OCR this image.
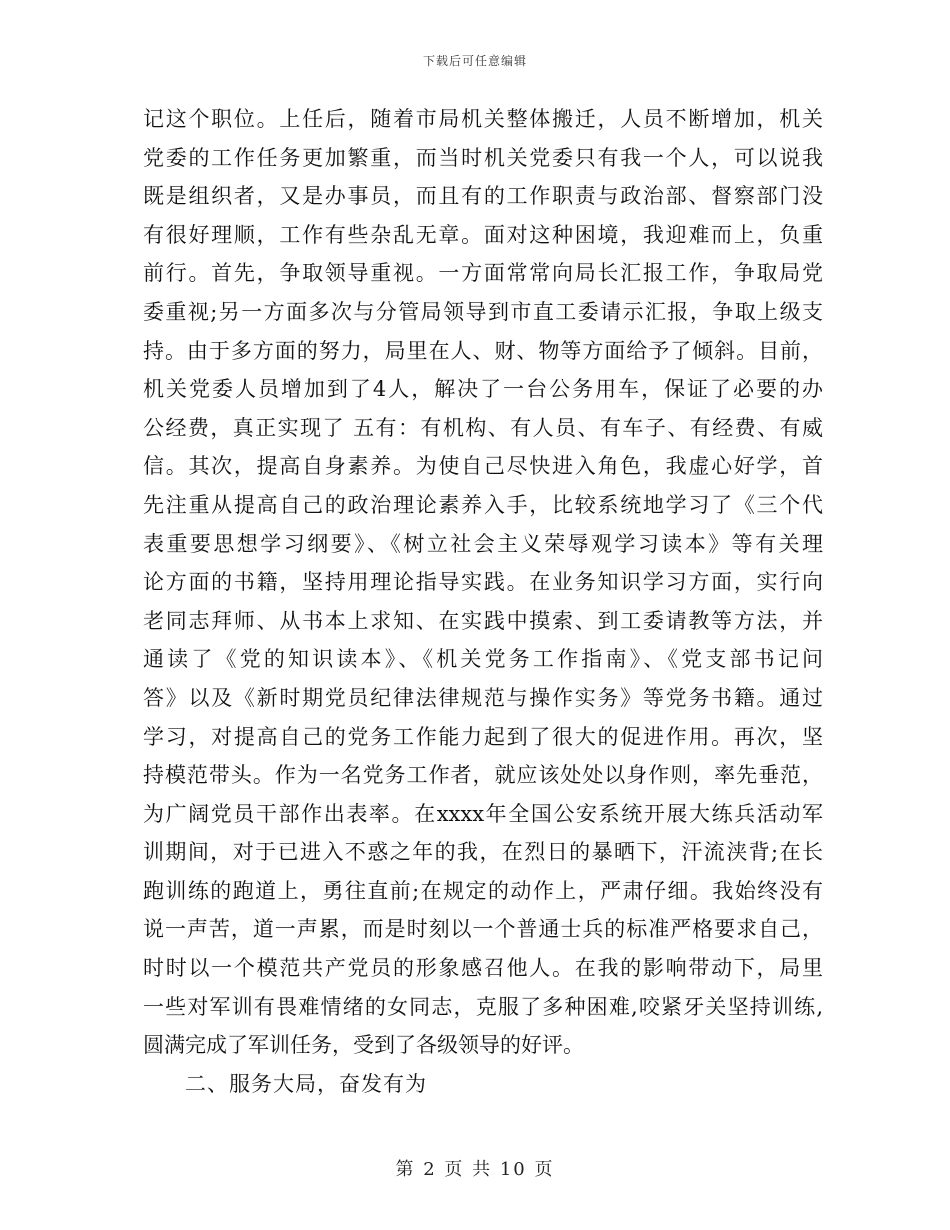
下载后可任意编辑
记这个职位。上任后，随着市局机关整体搬迁，人员不断增加，机关
党委的工作任务更加繁重，而当时机关党委只有我一个人，可以说我
既是组织者，又是办事员，而且有的工作职责与政治部、督察部门没
有很好理顺，工作有些杂乱无章。面对这种困境，我迎难而上，负重
前行。首先，争取领导重视。一方面常常向局长汇报工作，争取局党
委重视;另一方面多次与分管局领导到市直工委请示汇报，争取上级支
持。由于多方面的努力，局里在人、财、物等方面给予了倾斜。目前，
机关党委人员增加到了4人，解决了一台公务用车，保证了必要的办
公经费，真正实现了 五有：有机构、有人员、有车子、有经费、有威
信。其次，提高自身素养。为使自己尽快进入角色，我虚心好学，首
先注重从提高自己的政治理论素养入手，比较系统地学习了《三个代
表重要思想学习纲要》、《树立社会主义荣辱观学习读本》等有关理
论方面的书籍，坚持用理论指导实践。在业务知识学习方面，实行向
老同志拜师、从书本上求知、在实践中摸索、到工委请教等方法，并
通读了《党的知识读本》、《机关党务工作指南》、《党支部书记问
答》以及《新时期党员纪律法律规范与操作实务》等党务书籍。通过
学习，对提高自己的党务工作能力起到了很大的促进作用。再次，坚
持模范带头。作为一名党务工作者，就应该处处以身作则，率先垂范，
为广阔党员干部作出表率。在xxxx年全国公安系统开展大练兵活动军
训期间，对于已进入不惑之年的我，在烈日的暴晒下，汗流浃背;在长
跑训练的跑道上，勇往直前;在规定的动作上，严肃仔细。我始终没有
说一声苦，道一声累，而是时刻以一个普通士兵的标准严格要求自己，
时时以一个模范共产党员的形象感召他人。在我的影响带动下，局里
一些对军训有畏难情绪的女同志，克服了多种困难,咬紧牙关坚持训练,
圆满完成了军训任务，受到了各级领导的好评。
二、服务大局，奋发有为
第 2 页 共 10 页
